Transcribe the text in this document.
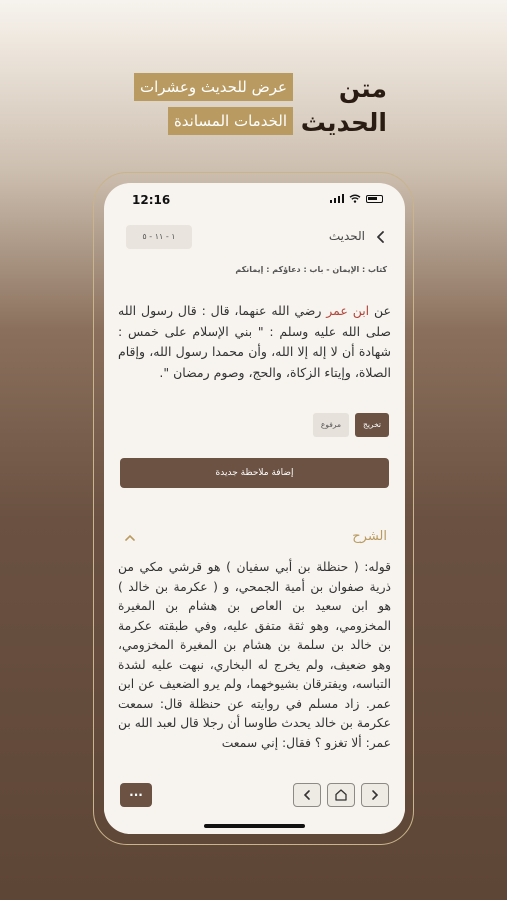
متن
الحديث
عرض للحديث وعشرات
الخدمات المساندة
12:16
١ - ١١ - ٥	الحديث
كتاب : الإيمان - باب : دعاؤكم : إيمانكم
عن ابن عمر رضي الله عنهما، قال : قال رسول الله صلى الله عليه وسلم : " بني الإسلام على خمس : شهادة أن لا إله إلا الله، وأن محمدا رسول الله، وإقام الصلاة، وإيتاء الزكاة، والحج، وصوم رمضان ".
تخريج
مرفوع
إضافة ملاحظة جديدة
الشرح
قوله: ( حنظلة بن أبي سفيان ) هو قرشي مكي من ذرية صفوان بن أمية الجمحي، و ( عكرمة بن خالد ) هو ابن سعيد بن العاص بن هشام بن المغيرة المخزومي، وهو ثقة متفق عليه، وفي طبقته عكرمة بن خالد بن سلمة بن هشام بن المغيرة المخزومي، وهو ضعيف، ولم يخرج له البخاري، نبهت عليه لشدة التباسه، ويفترقان بشيوخهما، ولم يرو الضعيف عن ابن عمر. زاد مسلم في روايته عن حنظلة قال: سمعت عكرمة بن خالد يحدث طاوسا أن رجلا قال لعبد الله بن عمر: ألا تغزو ؟ فقال: إني سمعت
...
